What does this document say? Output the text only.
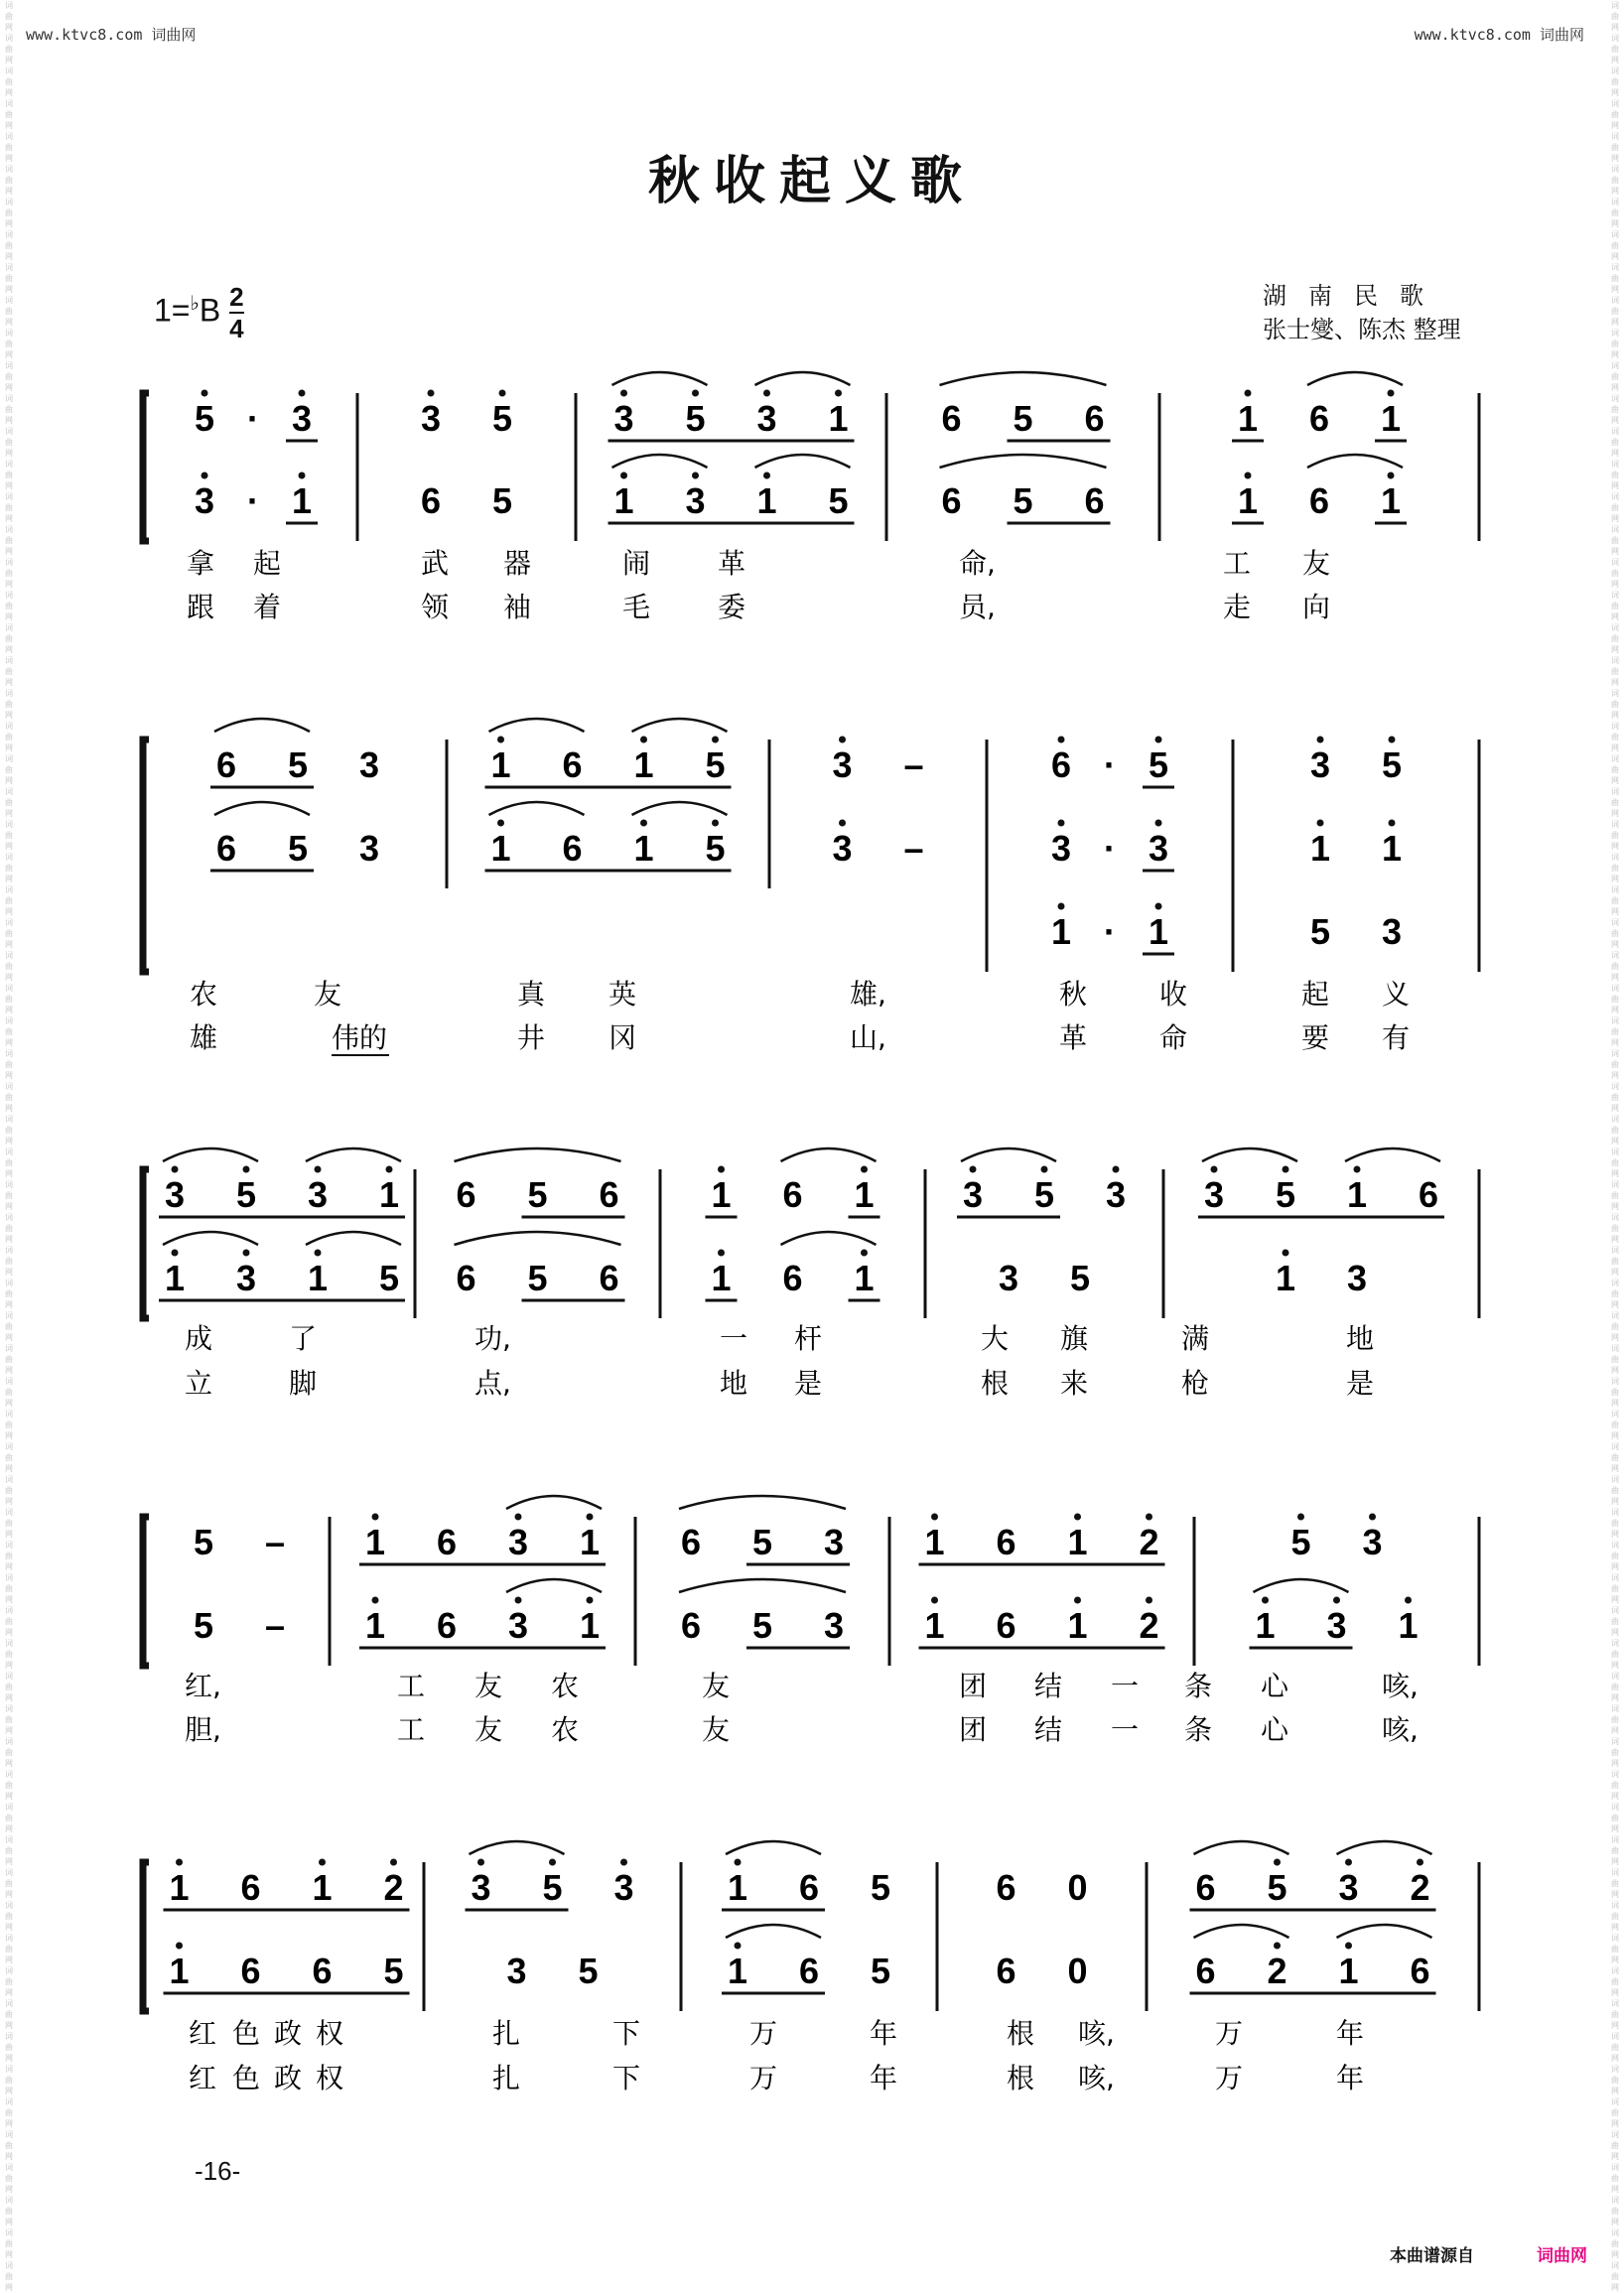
www.ktvc8.com 词曲网	www.ktvc8.com 词曲网
词曲网词曲网词曲网词曲网词曲网词曲网词曲网词曲网词曲网词曲网词曲网词曲网词曲网词曲网词曲网词曲网词曲网词曲网词曲网词曲网词曲网词曲网词曲网词曲网词曲网词曲网词曲网词曲网词曲网词曲网词曲网词曲网词曲网词曲网词曲网词曲网词曲网词曲网词曲网词曲网词曲网词曲网词曲网词曲网词曲网词曲网词曲网词曲网词曲网词曲网词曲网词曲网词曲网词曲网词曲网词曲网词曲网词曲网词曲网词曲网词曲网词曲网词曲网词曲网词曲网词曲网词曲网词曲网词曲网词曲网
词曲网词曲网词曲网词曲网词曲网词曲网词曲网词曲网词曲网词曲网词曲网词曲网词曲网词曲网词曲网词曲网词曲网词曲网词曲网词曲网词曲网词曲网词曲网词曲网词曲网词曲网词曲网词曲网词曲网词曲网词曲网词曲网词曲网词曲网词曲网词曲网词曲网词曲网词曲网词曲网词曲网词曲网词曲网词曲网词曲网词曲网词曲网词曲网词曲网词曲网词曲网词曲网词曲网词曲网词曲网词曲网词曲网词曲网词曲网词曲网词曲网词曲网词曲网词曲网词曲网词曲网词曲网词曲网词曲网词曲网
秋收起义歌
$1=^♭B \frac{2}{4}$	湖南民歌
张士燮、陈杰 整理
5 · 3	3 5	3 5 3 1	6 5 6	1 6 1
3 · 1	6 5	1 3 1 5	6 5 6	1 6 1
拿 起	武 器	闹 革	命,	工 友
跟 着	领 袖	毛 委	员,	走 向
6 5 3	1 6 1 5	3 –	6 · 5	3 5
6 5 3	1 6 1 5	3 –	3 · 3	1 1
1 · 1	5 3
农	友	真 英	雄,	秋	收	起 义
雄	伟的	井 冈	山,	革	命	要 有
3 5 3 1 6 5 6	1 6 1 3 5 3 3 5 1 6
1 3 1 5 6 5 6	1 6 1	3 5	1 3
成	了	功,	一 杆	大 旗	满	地
立	脚	点,	地 是	根 来	枪	是
5 – 1 6 3 1 6 5 3 1 6 1 2	5 3
5 – 1 6 3 1 6 5 3 1 6 1 2	1 3 1
红,	工 友 农	友	团 结 一 条 心	咳,
胆,	工 友 农	友	团 结 一 条 心	咳,
1 6 1 2 3 5 3	1 6 5	6 0	6 5 3 2
1 6 6 5	3 5	1 6 5	6 0	6 2 1 6
红 色 政 权	扎	下	万	年	根 咳,	万	年
红 色 政 权	扎	下	万	年	根 咳,	万	年
-16-
本曲谱源自	词曲网
